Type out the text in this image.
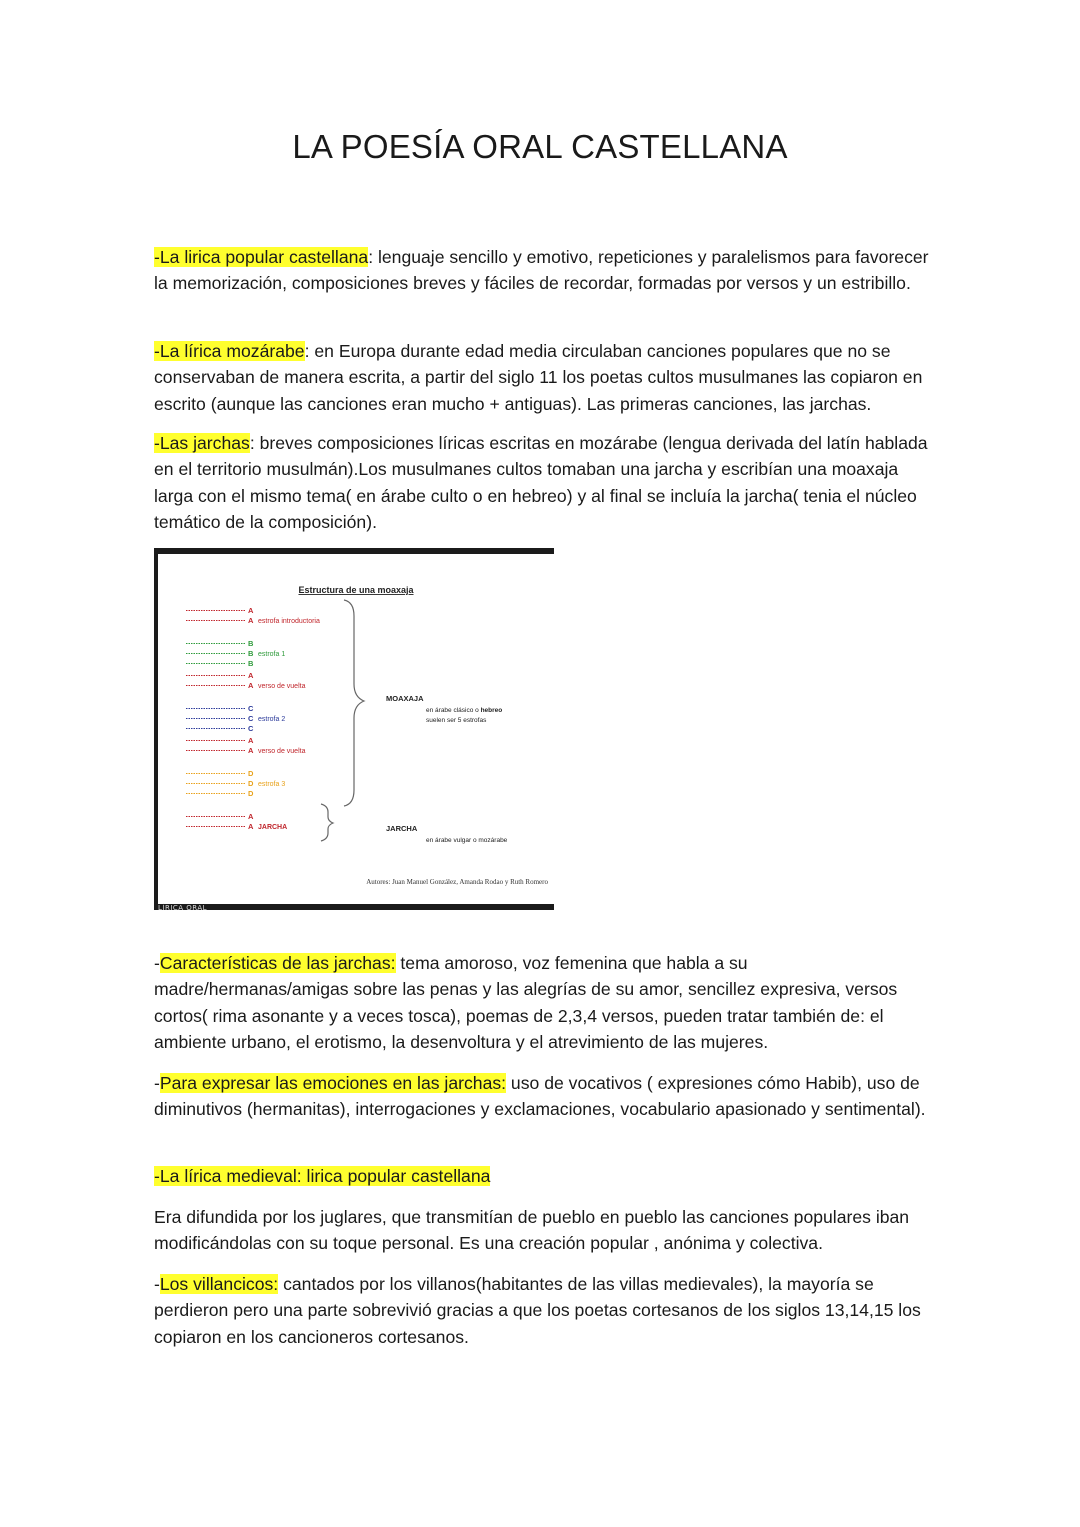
LA POESÍA ORAL CASTELLANA

-La lirica popular castellana: lenguaje sencillo y emotivo, repeticiones y paralelismos para favorecer la memorización, composiciones breves y fáciles de recordar, formadas por versos y un estribillo.

-La lírica mozárabe: en Europa durante edad media circulaban canciones populares que no se conservaban de manera escrita, a partir del siglo 11 los poetas cultos musulmanes las copiaron en escrito (aunque las canciones eran mucho + antiguas). Las primeras canciones, las jarchas.

-Las jarchas: breves composiciones líricas escritas en mozárabe (lengua derivada del latín hablada en el territorio musulmán).Los musulmanes cultos tomaban una jarcha y escribían una moaxaja larga con el mismo tema( en árabe culto o en hebreo) y al final se incluía la jarcha( tenia el núcleo temático de la composición).

Estructura de una moaxaja
A
A estrofa introductoria
B
B estrofa 1
B
A
A verso de vuelta
C
C estrofa 2
C
A
A verso de vuelta
D
D estrofa 3
D
A
A JARCHA
MOAXAJA
en árabe clásico o hebreo
suelen ser 5 estrofas
JARCHA
en árabe vulgar o mozárabe
Autores: Juan Manuel González, Amanda Rodao y Ruth Romero
LÍRICA ORAL

-Características de las jarchas: tema amoroso, voz femenina que habla a su madre/hermanas/amigas sobre las penas y las alegrías de su amor, sencillez expresiva, versos cortos( rima asonante y a veces tosca), poemas de 2,3,4 versos, pueden tratar también de: el ambiente urbano, el erotismo, la desenvoltura y el atrevimiento de las mujeres.

-Para expresar las emociones en las jarchas: uso de vocativos ( expresiones cómo Habib), uso de diminutivos (hermanitas), interrogaciones y exclamaciones, vocabulario apasionado y sentimental).

-La lírica medieval: lirica popular castellana

Era difundida por los juglares, que transmitían de pueblo en pueblo las canciones populares iban modificándolas con su toque personal. Es una creación popular , anónima y colectiva.

-Los villancicos: cantados por los villanos(habitantes de las villas medievales), la mayoría se perdieron pero una parte sobrevivió gracias a que los poetas cortesanos de los siglos 13,14,15 los copiaron en los cancioneros cortesanos.
